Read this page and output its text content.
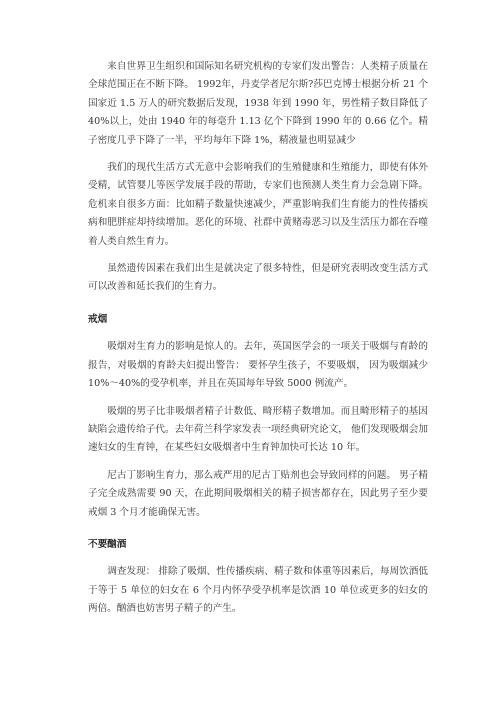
来自世界卫生组织和国际知名研究机构的专家们发出警告：人类精子质量在全球范围正在不断下降。 1992年，丹麦学者尼尔斯?莎巴克博士根据分析 21 个国家近 1.5 万人的研究数据后发现，1938 年到 1990 年，男性精子数目降低了 40%以上，处由 1940 年的每毫升 1.13 亿个下降到 1990 年的 0.66 亿个。精子密度几乎下降了一半，平均每年下降 1%，精液量也明显减少

我们的现代生活方式无意中会影响我们的生殖健康和生殖能力，即使有体外受精，试管婴儿等医学发展手段的帮助，专家们也预测人类生育力会急剧下降。危机来自很多方面：比如精子数量快速减少，严重影响我们生育能力的性传播疾病和肥胖症却持续增加。恶化的环境、社群中黄赌毒恶习以及生活压力都在吞噬着人类自然生育力。

虽然遗传因素在我们出生是就决定了很多特性，但是研究表明改变生活方式可以改善和延长我们的生育力。

戒烟

吸烟对生育力的影响是惊人的。去年，英国医学会的一项关于吸烟与育龄的报告，对吸烟的育龄夫妇提出警告： 要怀孕生孩子，不要吸烟， 因为吸烟减少 10%～40%的受孕机率，并且在英国每年导致 5000 例流产。

吸烟的男子比非吸烟者精子计数低、畸形精子数增加。而且畸形精子的基因缺陷会遗传给子代。去年荷兰科学家发表一项经典研究论文， 他们发现吸烟会加速妇女的生育钟，在某些妇女吸烟者中生育钟加快可长达 10 年。

尼古丁影响生育力，那么戒严用的尼古丁贴剂也会导致同样的问题。 男子精子完全成熟需要 90 天，在此期间吸烟相关的精子损害都存在，因此男子至少要戒烟 3 个月才能确保无害。

不要酗酒

调查发现： 排除了吸烟、性传播疾病、精子数和体重等因素后，每周饮酒低于等于 5 单位的妇女在 6 个月内怀孕受孕机率是饮酒 10 单位或更多的妇女的两倍。酗酒也妨害男子精子的产生。
